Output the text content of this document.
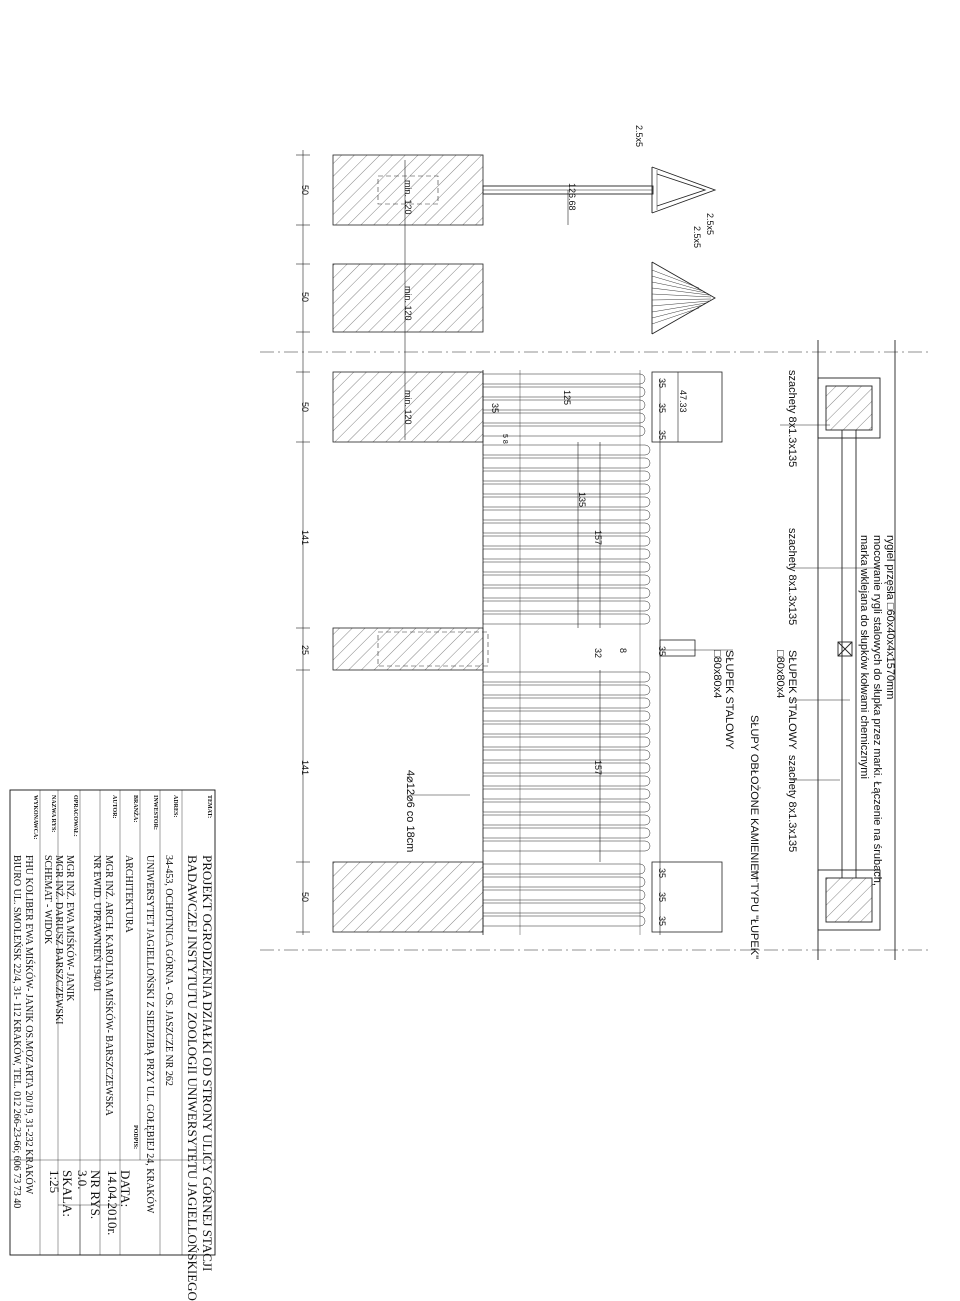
rygiel przęsła □60x40x4x1570mm
mocowanie rygli stalowych do słupka przez marki. Łączenie na śrubach,
marka wklejana do słupków kołwami chemicznymi
szachety 8x1.3x135
szachety 8x1.3x135
szachety 8x1.3x135
SŁUPEK STALOWY
□80x80x4
SŁUPEK STALOWY
□80x80x4
SŁUPY OBŁOŻONE KAMIENIEM TYPU "ŁUPEK"
4⌀12⌀6 co 18cm
2.5x5
2.5x5
2.5x5
126.68
47.33
125
135
157
157
35
35
35
35
35
35
35
35
32 8
5 8
50
50
50
50
141
141
25
min. 120
min. 120
min. 120
TEMAT:
ADRES:
INWESTOR:
BRANŻA:
AUTOR:
OPRACOWAŁ:
NAZWA RYS:
WYKONAWCA:
PODPIS:	PROJEKT OGRODZENIA DZIAŁKI OD STRONY ULICY GÓRNEJ STACJI
BADAWCZEJ INSTYTUTU ZOOLOGII UNIWERSYTETU JAGIELLOŃSKIEGO
34-453, OCHOTNICA GÓRNA - OS. JASZCZE NR 262
UNIWERSYTET JAGIELLOŃSKI Z SIEDZIBĄ PRZY UL. GOŁĘBIEJ 24, KRAKÓW
ARCHITEKTURA
MGR INŻ. ARCH. KAROLINA MIŚKÓW- BARSZCZEWSKA
NR EWID. UPRAWNIEŃ 194/01
MGR INŻ. EWA MIŚKÓW- JANIK
MGR INŻ. DARIUSZ BARSZCZEWSKI
SCHEMAT - WIDOK
FHU KOLIBER EWA MIŚKÓW- JANIK OS.MOZARTA 20/19, 31-232 KRAKÓW
BIURO UL. SMOLEŃSK 22/4, 31- 112 KRAKÓW, TEL. 012 266-23-66; 606 73 73 40	DATA:
14.04.2010r.
NR RYS.
3.0.
SKALA:
1:25
